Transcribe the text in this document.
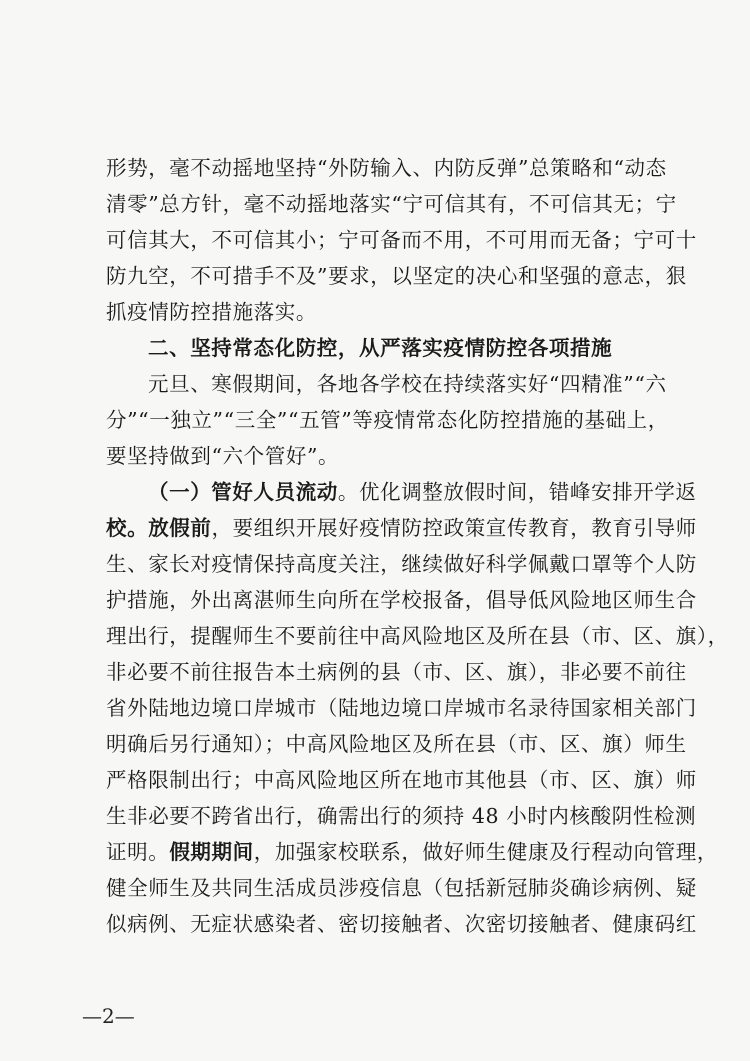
形势，毫不动摇地坚持“外防输入、内防反弹”总策略和“动态
清零”总方针，毫不动摇地落实“宁可信其有，不可信其无；宁
可信其大，不可信其小；宁可备而不用，不可用而无备；宁可十
防九空，不可措手不及”要求，以坚定的决心和坚强的意志，狠
抓疫情防控措施落实。
二、坚持常态化防控，从严落实疫情防控各项措施
元旦、寒假期间，各地各学校在持续落实好“四精准”“六
分”“一独立”“三全”“五管”等疫情常态化防控措施的基础上，
要坚持做到“六个管好”。
（一）管好人员流动。优化调整放假时间，错峰安排开学返
校。放假前，要组织开展好疫情防控政策宣传教育，教育引导师
生、家长对疫情保持高度关注，继续做好科学佩戴口罩等个人防
护措施，外出离湛师生向所在学校报备，倡导低风险地区师生合
理出行，提醒师生不要前往中高风险地区及所在县（市、区、旗），
非必要不前往报告本土病例的县（市、区、旗），非必要不前往
省外陆地边境口岸城市（陆地边境口岸城市名录待国家相关部门
明确后另行通知）；中高风险地区及所在县（市、区、旗）师生
严格限制出行；中高风险地区所在地市其他县（市、区、旗）师
生非必要不跨省出行，确需出行的须持 48 小时内核酸阴性检测
证明。假期期间，加强家校联系，做好师生健康及行程动向管理，
健全师生及共同生活成员涉疫信息（包括新冠肺炎确诊病例、疑
似病例、无症状感染者、密切接触者、次密切接触者、健康码红
—2—
